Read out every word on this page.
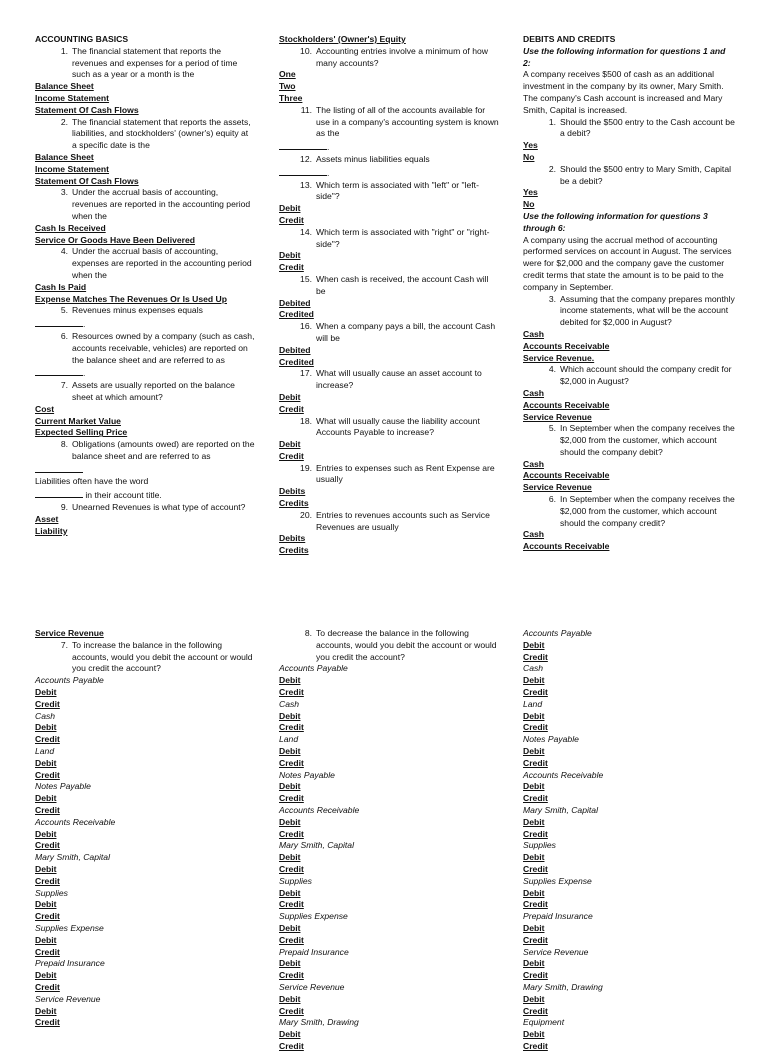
ACCOUNTING BASICS
1. The financial statement that reports the revenues and expenses for a period of time such as a year or a month is the
Balance Sheet
Income Statement
Statement Of Cash Flows
2. The financial statement that reports the assets, liabilities, and stockholders' (owner's) equity at a specific date is the
Balance Sheet
Income Statement
Statement Of Cash Flows
3. Under the accrual basis of accounting, revenues are reported in the accounting period when the
Cash Is Received
Service Or Goods Have Been Delivered
4. Under the accrual basis of accounting, expenses are reported in the accounting period when the
Cash Is Paid
Expense Matches The Revenues Or Is Used Up
5. Revenues minus expenses equals
.
6. Resources owned by a company (such as cash, accounts receivable, vehicles) are reported on the balance sheet and are referred to as
.
7. Assets are usually reported on the balance sheet at which amount?
Cost
Current Market Value
Expected Selling Price
8. Obligations (amounts owed) are reported on the balance sheet and are referred to as
Liabilities often have the word
in their account title.
9. Unearned Revenues is what type of account?
Asset
Liability
Stockholders' (Owner's) Equity
10. Accounting entries involve a minimum of how many accounts?
One
Two
Three
11. The listing of all of the accounts available for use in a company's accounting system is known as the
.
12. Assets minus liabilities equals
.
13. Which term is associated with "left" or "left-side"?
Debit
Credit
14. Which term is associated with "right" or "right-side"?
Debit
Credit
15. When cash is received, the account Cash will be
Debited
Credited
16. When a company pays a bill, the account Cash will be
Debited
Credited
17. What will usually cause an asset account to increase?
Debit
Credit
18. What will usually cause the liability account Accounts Payable to increase?
Debit
Credit
19. Entries to expenses such as Rent Expense are usually
Debits
Credits
20. Entries to revenues accounts such as Service Revenues are usually
Debits
Credits
DEBITS AND CREDITS
Use the following information for questions 1 and 2:
A company receives $500 of cash as an additional investment in the company by its owner, Mary Smith. The company's Cash account is increased and Mary Smith, Capital is increased.
1. Should the $500 entry to the Cash account be a debit?
Yes
No
2. Should the $500 entry to Mary Smith, Capital be a debit?
Yes
No
Use the following information for questions 3 through 6:
A company using the accrual method of accounting performed services on account in August. The services were for $2,000 and the company gave the customer credit terms that state the amount is to be paid to the company in September.
3. Assuming that the company prepares monthly income statements, what will be the account debited for $2,000 in August?
Cash
Accounts Receivable
Service Revenue.
4. Which account should the company credit for $2,000 in August?
Cash
Accounts Receivable
Service Revenue
5. In September when the company receives the $2,000 from the customer, which account should the company debit?
Cash
Accounts Receivable
Service Revenue
6. In September when the company receives the $2,000 from the customer, which account should the company credit?
Cash
Accounts Receivable
Service Revenue
7. To increase the balance in the following accounts, would you debit the account or would you credit the account?
Accounts Payable
Debit
Credit
Cash
Debit
Credit
Land
Debit
Credit
Notes Payable
Debit
Credit
Accounts Receivable
Debit
Credit
Mary Smith, Capital
Debit
Credit
Supplies
Debit
Credit
Supplies Expense
Debit
Credit
Prepaid Insurance
Debit
Credit
Service Revenue
Debit
Credit
8. To decrease the balance in the following accounts, would you debit the account or would you credit the account?
Accounts Payable
Debit
Credit
Cash
Debit
Credit
Land
Debit
Credit
Notes Payable
Debit
Credit
Accounts Receivable
Debit
Credit
Mary Smith, Capital
Debit
Credit
Supplies
Debit
Credit
Supplies Expense
Debit
Credit
Prepaid Insurance
Debit
Credit
Service Revenue
Debit
Credit
Mary Smith, Drawing
Debit
Credit
Accounts Payable
Debit
Credit
Cash
Debit
Credit
Land
Debit
Credit
Notes Payable
Debit
Credit
Accounts Receivable
Debit
Credit
Mary Smith, Capital
Debit
Credit
Supplies
Debit
Credit
Supplies Expense
Debit
Credit
Prepaid Insurance
Debit
Credit
Service Revenue
Debit
Credit
Mary Smith, Drawing
Debit
Credit
Equipment
Debit
Credit
